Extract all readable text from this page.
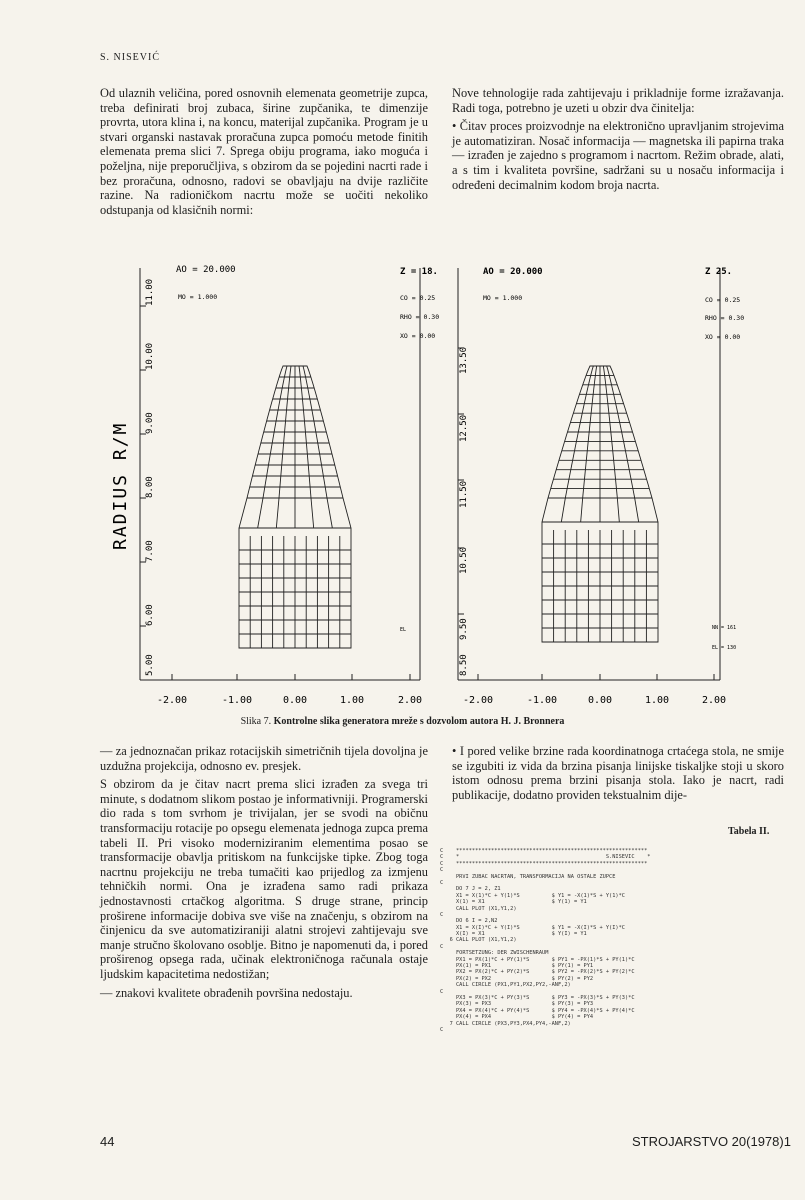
S. NISEVIĆ

Od ulaznih veličina, pored osnovnih elemenata geometrije zupca, treba definirati broj zubaca, širine zupčanika, te dimenzije provrta, utora klina i, na koncu, materijal zupčanika. Program je u stvari organski nastavak proračuna zupca pomoću metode finitih elemenata prema slici 7. Sprega obiju programa, iako moguća i poželjna, nije preporučljiva, s obzirom da se pojedini nacrti rade i bez proračuna, odnosno, radovi se obavljaju na dvije različite razine. Na radioničkom nacrtu može se uočiti nekoliko odstupanja od klasičnih normi:

Nove tehnologije rada zahtijevaju i prikladnije forme izražavanja. Radi toga, potrebno je uzeti u obzir dva činitelja:

• Čitav proces proizvodnje na elektronično upravljanim strojevima je automatiziran. Nosač informacija — magnetska ili papirna traka — izrađen je zajedno s programom i nacrtom. Režim obrade, alati, a s tim i kvaliteta površine, sadržani su u nosaču informacija i određeni decimalnim kodom broja nacrta.

AO = 20.000
MO = 1.000
Z = 18.
CO = 0.25
RHO = 0.30
XO = 0.00
EL
AO = 20.000
MO = 1.000
Z 25.
CO = 0.25
RHO = 0.30
XO = 0.00
NN = 161
EL = 130
RADIUS R/M
11.00
10.00
9.00
8.00
7.00
6.00
5.00
13.50
12.50
11.50
10.50
9.50
8.50
-2.00	-1.00	0.00	1.00	2.00	-2.00	-1.00	0.00	1.00	2.00
Slika 7. Kontrolne slika generatora mreže s dozvolom autora H. J. Bronnera

— za jednoznačan prikaz rotacijskih simetričnih tijela dovoljna je uzdužna projekcija, odnosno ev. presjek.

S obzirom da je čitav nacrt prema slici izrađen za svega tri minute, s dodatnom slikom postao je informativniji. Programerski dio rada s tom svrhom je trivijalan, jer se svodi na običnu transformaciju rotacije po opsegu elemenata jednoga zupca prema tabeli II. Pri visoko moderniziranim elementima posao se transformacije obavlja pritiskom na funkcijske tipke. Zbog toga nacrtnu projekciju ne treba tumačiti kao prijedlog za izmjenu tehničkih normi. Ona je izrađena samo radi prikaza jednostavnosti crtačkog algoritma. S druge strane, princip proširene informacije dobiva sve više na značenju, s obzirom na činjenicu da sve automatiziraniji alatni strojevi zahtijevaju sve manje stručno školovano osoblje. Bitno je napomenuti da, i pored proširenog opsega rada, učinak elektroničnoga računala ostaje ljudskim kapacitetima nedostižan;

— znakovi kvalitete obrađenih površina nedostaju.

• I pored velike brzine rada koordinatnoga crtaćega stola, ne smije se izgubiti iz vida da brzina pisanja linijske tiskaljke stoji u skoro istom odnosu prema brzini pisanja stola. Iako je nacrt, radi publikacije, dodatno providen tekstualnim dije-

Tabela II.
C    ************************************************************
C    *                                              S.NISEVIC    *
C    ************************************************************
C
PRVI ZUBAC NACRTAN, TRANSFORMACIJA NA OSTALE ZUPCE
C
DO 7 J = 2, Z1
X1 = X(1)*C + Y(1)*S          $ Y1 = -X(1)*S + Y(1)*C
X(1) = X1                     $ Y(1) = Y1
CALL PLOT (X1,Y1,2)
C
DO 6 I = 2,N2
X1 = X(I)*C + Y(I)*S          $ Y1 = -X(I)*S + Y(I)*C
X(I) = X1                     $ Y(I) = Y1
6 CALL PLOT (X1,Y1,2)
C
FORTSETZUNG: DER ZWISCHENRAUM
PX1 = PX(1)*C + PY(1)*S       $ PY1 = -PX(1)*S + PY(1)*C
PX(1) = PX1                   $ PY(1) = PY1
PX2 = PX(2)*C + PY(2)*S       $ PY2 = -PX(2)*S + PY(2)*C
PX(2) = PX2                   $ PY(2) = PY2
CALL CIRCLE (PX1,PY1,PX2,PY2,-ANF,2)
C
PX3 = PX(3)*C + PY(3)*S       $ PY3 = -PX(3)*S + PY(3)*C
PX(3) = PX3                   $ PY(3) = PY3
PX4 = PX(4)*C + PY(4)*S       $ PY4 = -PX(4)*S + PY(4)*C
PX(4) = PX4                   $ PY(4) = PY4
7 CALL CIRCLE (PX3,PY3,PX4,PY4,-ANF,2)
C
44	STROJARSTVO 20(1978)1
